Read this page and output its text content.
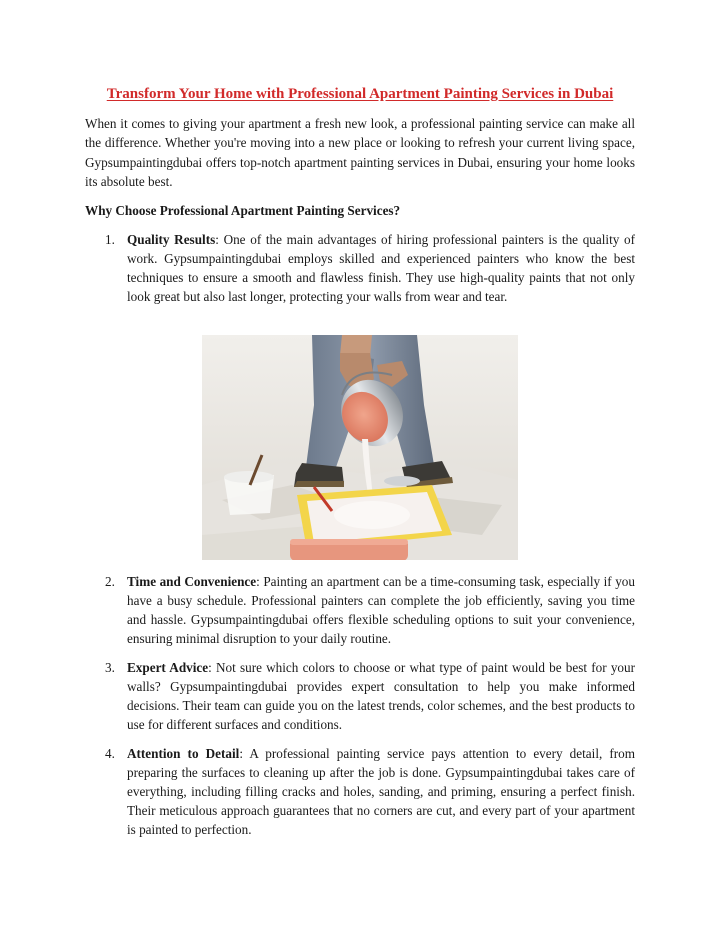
Transform Your Home with Professional Apartment Painting Services in Dubai

When it comes to giving your apartment a fresh new look, a professional painting service can make all the difference. Whether you're moving into a new place or looking to refresh your current living space, Gypsumpaintingdubai offers top-notch apartment painting services in Dubai, ensuring your home looks its absolute best.

Why Choose Professional Apartment Painting Services?

1. Quality Results: One of the main advantages of hiring professional painters is the quality of work. Gypsumpaintingdubai employs skilled and experienced painters who know the best techniques to ensure a smooth and flawless finish. They use high-quality paints that not only look great but also last longer, protecting your walls from wear and tear.
2. Time and Convenience: Painting an apartment can be a time-consuming task, especially if you have a busy schedule. Professional painters can complete the job efficiently, saving you time and hassle. Gypsumpaintingdubai offers flexible scheduling options to suit your convenience, ensuring minimal disruption to your daily routine.
3. Expert Advice: Not sure which colors to choose or what type of paint would be best for your walls? Gypsumpaintingdubai provides expert consultation to help you make informed decisions. Their team can guide you on the latest trends, color schemes, and the best products to use for different surfaces and conditions.
4. Attention to Detail: A professional painting service pays attention to every detail, from preparing the surfaces to cleaning up after the job is done. Gypsumpaintingdubai takes care of everything, including filling cracks and holes, sanding, and priming, ensuring a perfect finish. Their meticulous approach guarantees that no corners are cut, and every part of your apartment is painted to perfection.
